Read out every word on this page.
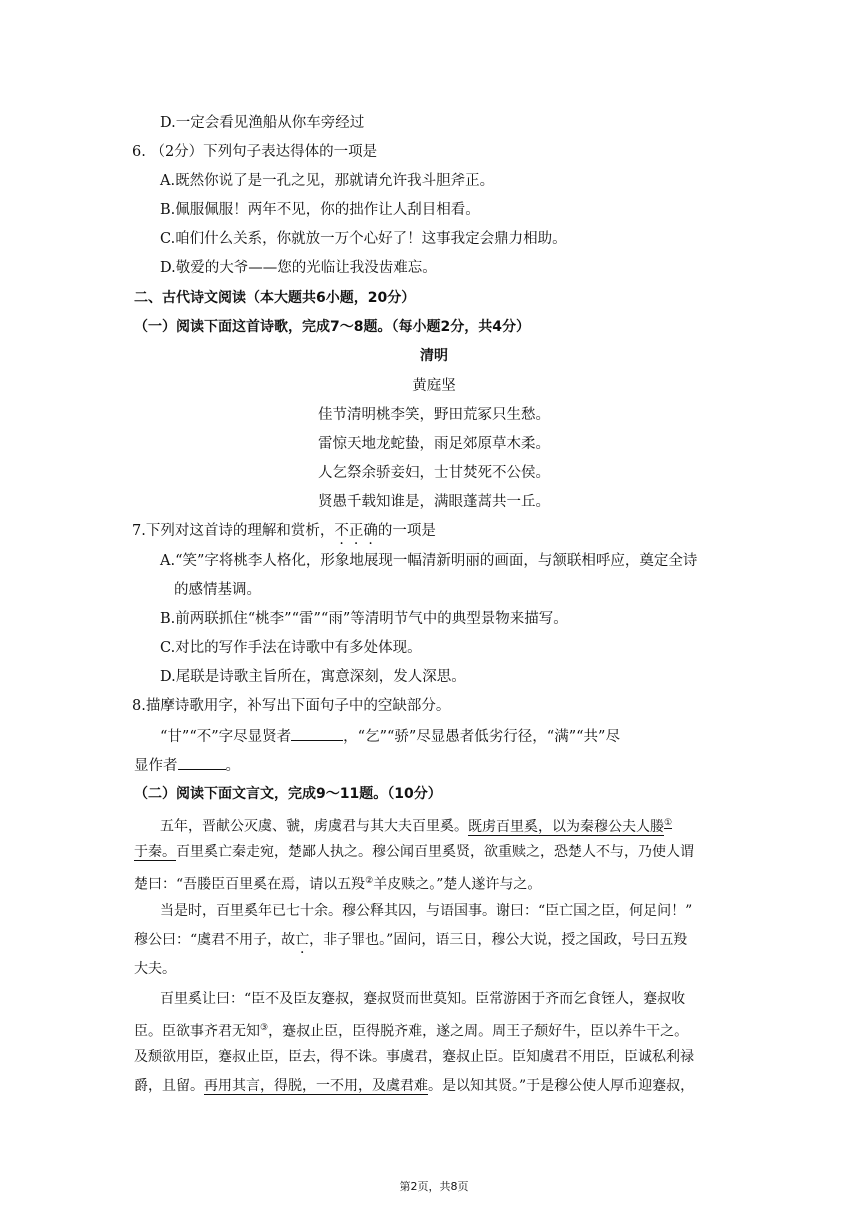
D.一定会看见渔船从你车旁经过
6. （2分）下列句子表达得体的一项是
A.既然你说了是一孔之见，那就请允许我斗胆斧正。
B.佩服佩服！两年不见，你的拙作让人刮目相看。
C.咱们什么关系，你就放一万个心好了！这事我定会鼎力相助。
D.敬爱的大爷——您的光临让我没齿难忘。
二、古代诗文阅读（本大题共6小题，20分）
（一）阅读下面这首诗歌，完成7～8题。（每小题2分，共4分）
清明
黄庭坚
佳节清明桃李笑，野田荒冢只生愁。
雷惊天地龙蛇蛰，雨足郊原草木柔。
人乞祭余骄妾妇，士甘焚死不公侯。
贤愚千载知谁是，满眼蓬蒿共一丘。
7.下列对这首诗的理解和赏析，不正确的一项是
A.“笑”字将桃李人格化，形象地展现一幅清新明丽的画面，与颔联相呼应，奠定全诗
的感情基调。
B.前两联抓住“桃李”“雷”“雨”等清明节气中的典型景物来描写。
C.对比的写作手法在诗歌中有多处体现。
D.尾联是诗歌主旨所在，寓意深刻，发人深思。
8.描摩诗歌用字，补写出下面句子中的空缺部分。
“甘”“不”字尽显贤者	，“乞”“骄”尽显愚者低劣行径，“满”“共”尽
显作者	。
（二）阅读下面文言文，完成9～11题。（10分）
五年，晋献公灭虞、虢，虏虞君与其大夫百里奚。既虏百里奚，以为秦穆公夫人媵①
于秦。百里奚亡秦走宛，楚鄙人执之。穆公闻百里奚贤，欲重赎之，恐楚人不与，乃使人谓
楚曰：“吾媵臣百里奚在焉，请以五羖②羊皮赎之。”楚人遂许与之。
当是时，百里奚年已七十余。穆公释其囚，与语国事。谢曰：“臣亡国之臣，何足问！”
穆公曰：“虞君不用子，故亡，非子罪也。”固问，语三日，穆公大说，授之国政，号曰五羖
大夫。
百里奚让曰：“臣不及臣友蹇叔，蹇叔贤而世莫知。臣常游困于齐而乞食铚人，蹇叔收
臣。臣欲事齐君无知③，蹇叔止臣，臣得脱齐难，遂之周。周王子颓好牛，臣以养牛干之。
及颓欲用臣，蹇叔止臣，臣去，得不诛。事虞君，蹇叔止臣。臣知虞君不用臣，臣诚私利禄
爵，且留。再用其言，得脱，一不用，及虞君难。是以知其贤。”于是穆公使人厚币迎蹇叔，
第2页，共8页
